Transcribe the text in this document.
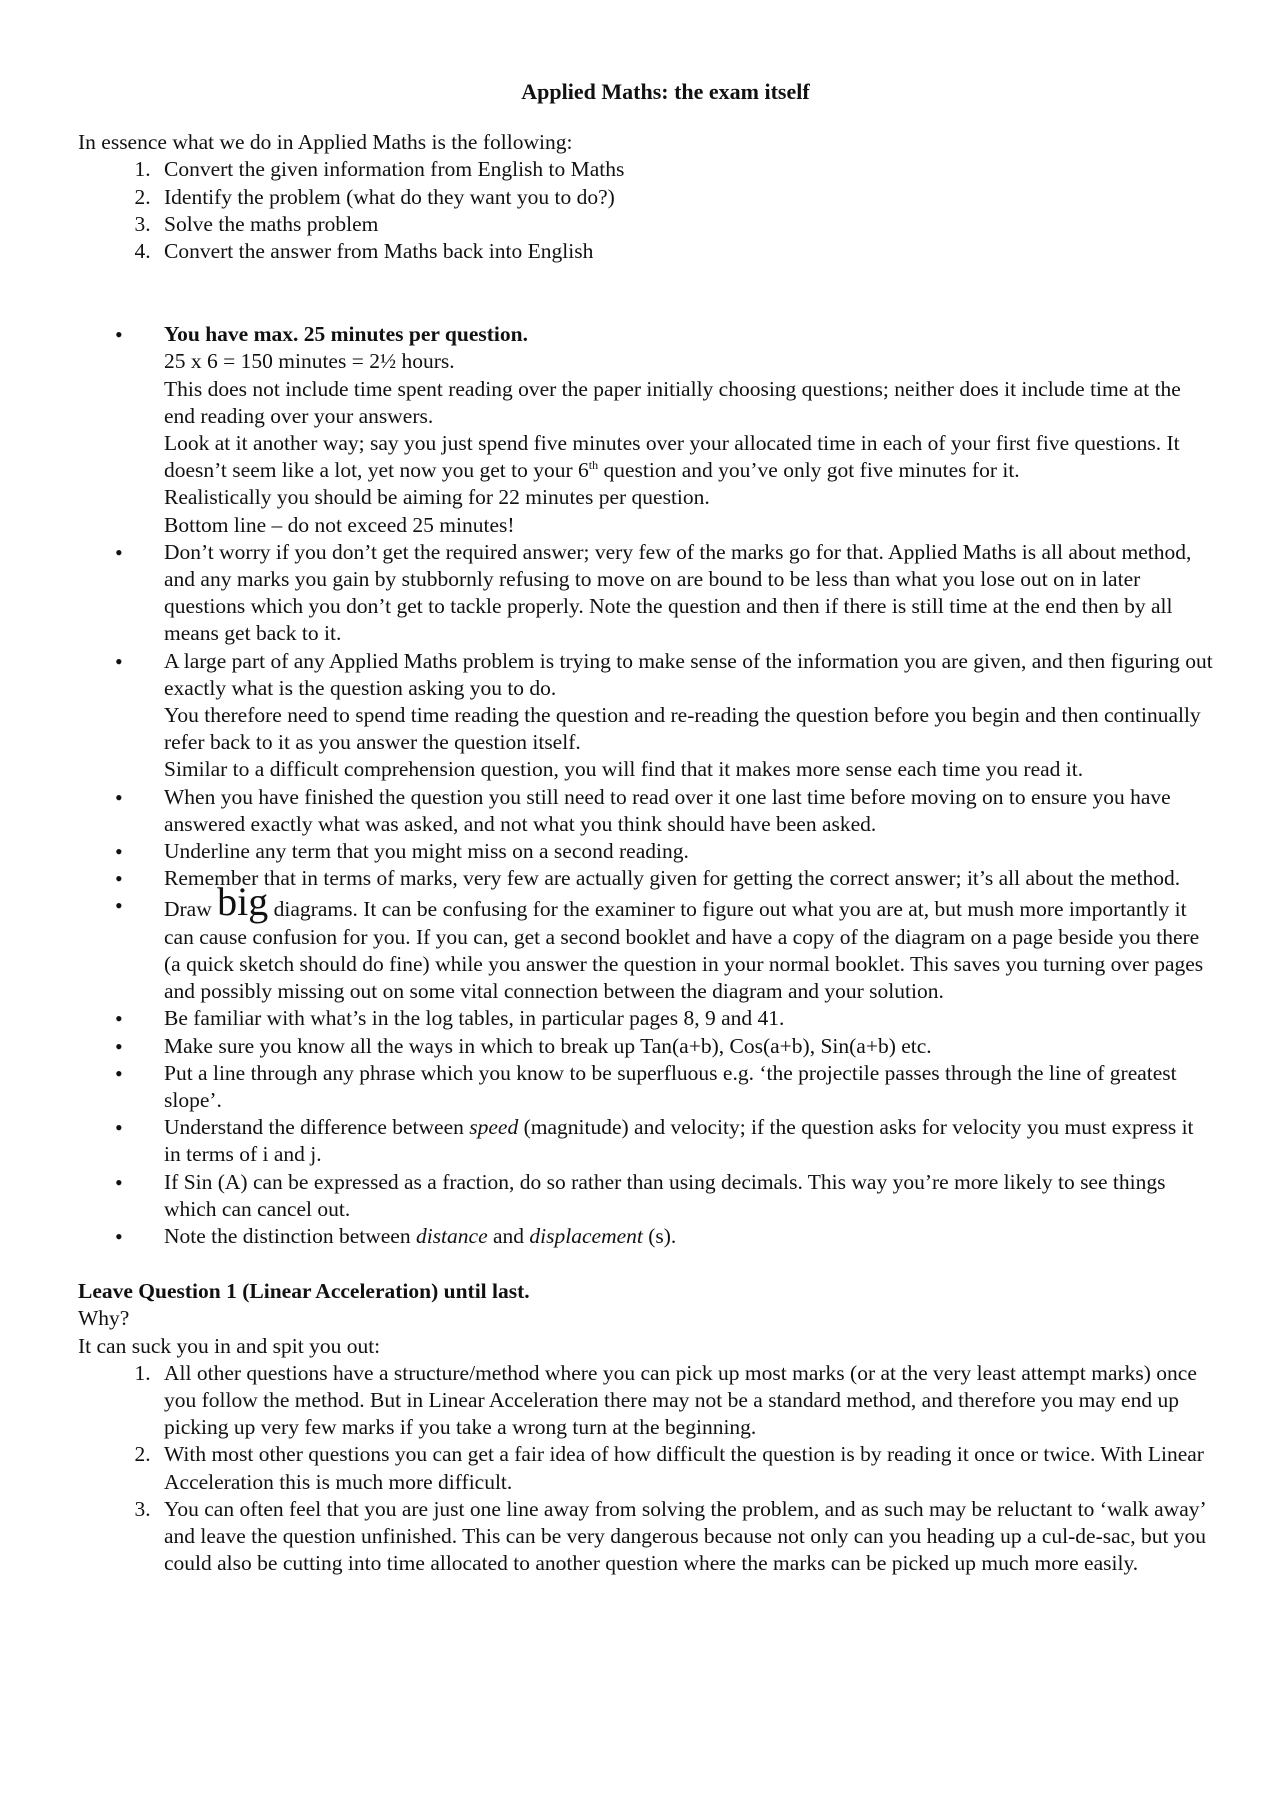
Applied Maths: the exam itself
In essence what we do in Applied Maths is the following:
1. Convert the given information from English to Maths
2. Identify the problem (what do they want you to do?)
3. Solve the maths problem
4. Convert the answer from Maths back into English
• You have max. 25 minutes per question.
25 x 6 = 150 minutes = 2½ hours.
This does not include time spent reading over the paper initially choosing questions; neither does it include time at the end reading over your answers.
Look at it another way; say you just spend five minutes over your allocated time in each of your first five questions. It doesn’t seem like a lot, yet now you get to your 6th question and you’ve only got five minutes for it.
Realistically you should be aiming for 22 minutes per question.
Bottom line – do not exceed 25 minutes!
• Don’t worry if you don’t get the required answer; very few of the marks go for that. Applied Maths is all about method, and any marks you gain by stubbornly refusing to move on are bound to be less than what you lose out on in later questions which you don’t get to tackle properly. Note the question and then if there is still time at the end then by all means get back to it.
• A large part of any Applied Maths problem is trying to make sense of the information you are given, and then figuring out exactly what is the question asking you to do.
You therefore need to spend time reading the question and re-reading the question before you begin and then continually refer back to it as you answer the question itself.
Similar to a difficult comprehension question, you will find that it makes more sense each time you read it.
• When you have finished the question you still need to read over it one last time before moving on to ensure you have answered exactly what was asked, and not what you think should have been asked.
• Underline any term that you might miss on a second reading.
• Remember that in terms of marks, very few are actually given for getting the correct answer; it’s all about the method.
• Draw big diagrams. It can be confusing for the examiner to figure out what you are at, but mush more importantly it can cause confusion for you. If you can, get a second booklet and have a copy of the diagram on a page beside you there (a quick sketch should do fine) while you answer the question in your normal booklet. This saves you turning over pages and possibly missing out on some vital connection between the diagram and your solution.
• Be familiar with what’s in the log tables, in particular pages 8, 9 and 41.
• Make sure you know all the ways in which to break up Tan(a+b), Cos(a+b), Sin(a+b) etc.
• Put a line through any phrase which you know to be superfluous e.g. ‘the projectile passes through the line of greatest slope’.
• Understand the difference between speed (magnitude) and velocity; if the question asks for velocity you must express it in terms of i and j.
• If Sin (A) can be expressed as a fraction, do so rather than using decimals. This way you’re more likely to see things which can cancel out.
• Note the distinction between distance and displacement (s).
Leave Question 1 (Linear Acceleration) until last.
Why?
It can suck you in and spit you out:
1. All other questions have a structure/method where you can pick up most marks (or at the very least attempt marks) once you follow the method. But in Linear Acceleration there may not be a standard method, and therefore you may end up picking up very few marks if you take a wrong turn at the beginning.
2. With most other questions you can get a fair idea of how difficult the question is by reading it once or twice. With Linear Acceleration this is much more difficult.
3. You can often feel that you are just one line away from solving the problem, and as such may be reluctant to ‘walk away’ and leave the question unfinished. This can be very dangerous because not only can you heading up a cul-de-sac, but you could also be cutting into time allocated to another question where the marks can be picked up much more easily.
